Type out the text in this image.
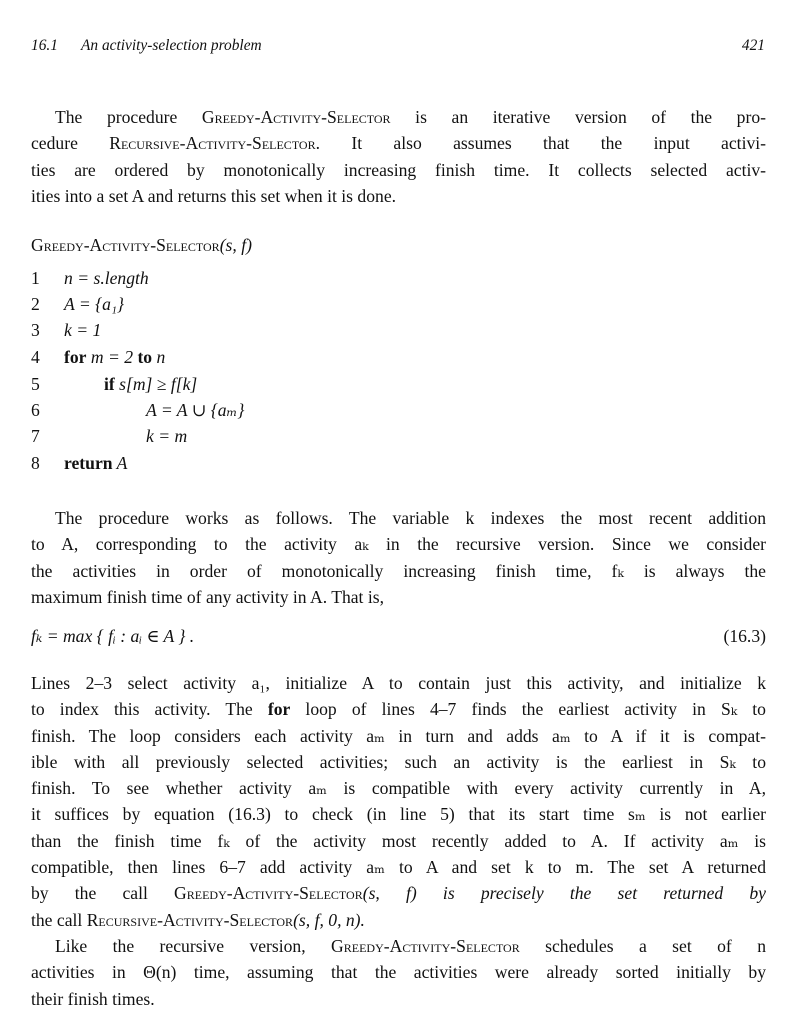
16.1 An activity-selection problem	421
The procedure Greedy-Activity-Selector is an iterative version of the pro-
cedure Recursive-Activity-Selector. It also assumes that the input activi-
ties are ordered by monotonically increasing finish time. It collects selected activ-
ities into a set A and returns this set when it is done.
Greedy-Activity-Selector(s, f)
1 n = s.length
2 A = {a₁}
3 k = 1
4 for m = 2 to n
5	if s[m] ≥ f[k]
6	A = A ∪ {aₘ}
7	k = m
8 return A
The procedure works as follows. The variable k indexes the most recent addition
to A, corresponding to the activity aₖ in the recursive version. Since we consider
the activities in order of monotonically increasing finish time, fₖ is always the
maximum finish time of any activity in A. That is,
fₖ = max { fᵢ : aᵢ ∈ A } .	(16.3)
Lines 2–3 select activity a₁, initialize A to contain just this activity, and initialize k
to index this activity. The for loop of lines 4–7 finds the earliest activity in Sₖ to
finish. The loop considers each activity aₘ in turn and adds aₘ to A if it is compat-
ible with all previously selected activities; such an activity is the earliest in Sₖ to
finish. To see whether activity aₘ is compatible with every activity currently in A,
it suffices by equation (16.3) to check (in line 5) that its start time sₘ is not earlier
than the finish time fₖ of the activity most recently added to A. If activity aₘ is
compatible, then lines 6–7 add activity aₘ to A and set k to m. The set A returned
by the call Greedy-Activity-Selector(s, f) is precisely the set returned by
the call Recursive-Activity-Selector(s, f, 0, n).
Like the recursive version, Greedy-Activity-Selector schedules a set of n
activities in Θ(n) time, assuming that the activities were already sorted initially by
their finish times.
